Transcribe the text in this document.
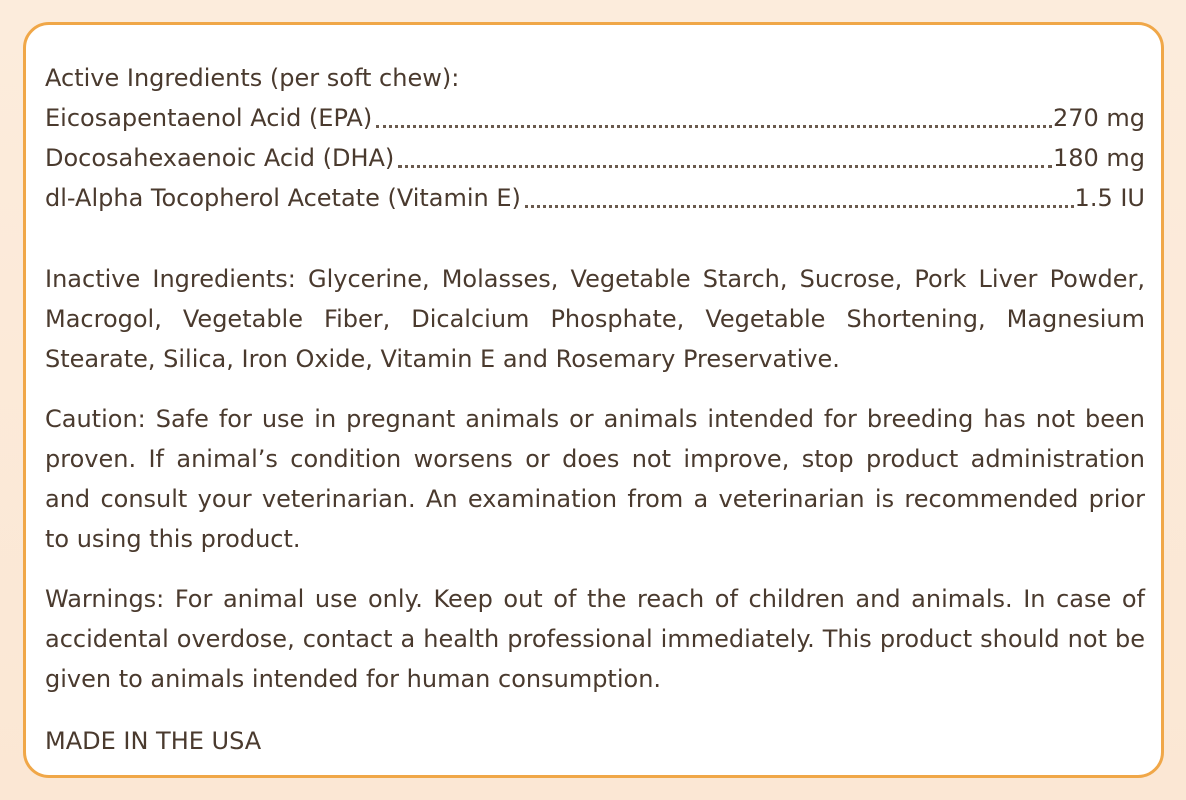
Active Ingredients (per soft chew):
Eicosapentaenol Acid (EPA)	270 mg
Docosahexaenoic Acid (DHA)	180 mg
dl-Alpha Tocopherol Acetate (Vitamin E)	1.5 IU
Inactive Ingredients: Glycerine, Molasses, Vegetable Starch, Sucrose, Pork Liver Powder, Macrogol, Vegetable Fiber, Dicalcium Phosphate, Vegetable Shortening, Magnesium Stearate, Silica, Iron Oxide, Vitamin E and Rosemary Preservative.
Caution: Safe for use in pregnant animals or animals intended for breeding has not been proven. If animal’s condition worsens or does not improve, stop product administration and consult your veterinarian. An examination from a veterinarian is recommended prior to using this product.
Warnings: For animal use only. Keep out of the reach of children and animals. In case of accidental overdose, contact a health professional immediately. This product should not be given to animals intended for human consumption.
MADE IN THE USA
